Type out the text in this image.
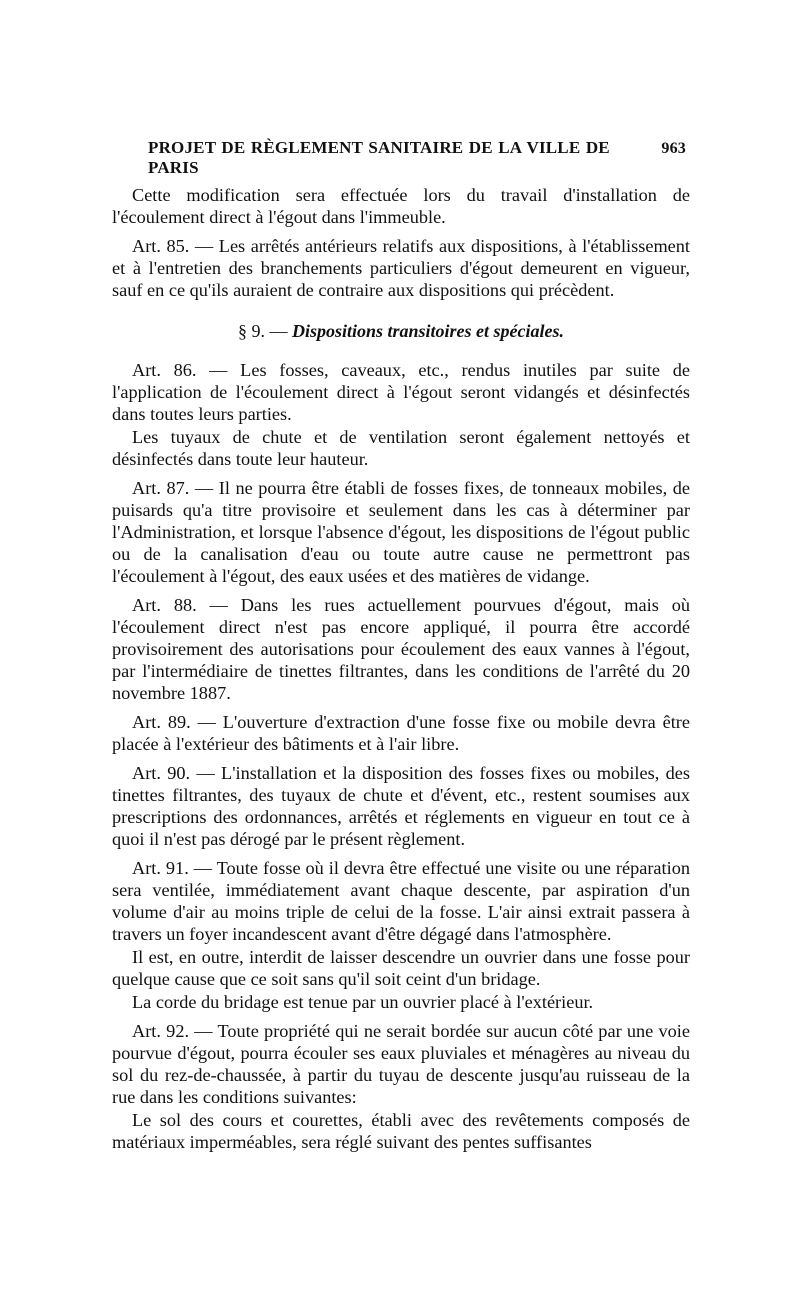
PROJET DE RÈGLEMENT SANITAIRE DE LA VILLE DE PARIS
963

Cette modification sera effectuée lors du travail d'installation de l'écoulement direct à l'égout dans l'immeuble.

Art. 85. — Les arrêtés antérieurs relatifs aux dispositions, à l'établissement et à l'entretien des branchements particuliers d'égout demeurent en vigueur, sauf en ce qu'ils auraient de contraire aux dispositions qui précèdent.

§ 9. — Dispositions transitoires et spéciales.

Art. 86. — Les fosses, caveaux, etc., rendus inutiles par suite de l'application de l'écoulement direct à l'égout seront vidangés et désinfectés dans toutes leurs parties.

Les tuyaux de chute et de ventilation seront également nettoyés et désinfectés dans toute leur hauteur.

Art. 87. — Il ne pourra être établi de fosses fixes, de tonneaux mobiles, de puisards qu'a titre provisoire et seulement dans les cas à déterminer par l'Administration, et lorsque l'absence d'égout, les dispositions de l'égout public ou de la canalisation d'eau ou toute autre cause ne permettront pas l'écoulement à l'égout, des eaux usées et des matières de vidange.

Art. 88. — Dans les rues actuellement pourvues d'égout, mais où l'écoulement direct n'est pas encore appliqué, il pourra être accordé provisoirement des autorisations pour écoulement des eaux vannes à l'égout, par l'intermédiaire de tinettes filtrantes, dans les conditions de l'arrêté du 20 novembre 1887.

Art. 89. — L'ouverture d'extraction d'une fosse fixe ou mobile devra être placée à l'extérieur des bâtiments et à l'air libre.

Art. 90. — L'installation et la disposition des fosses fixes ou mobiles, des tinettes filtrantes, des tuyaux de chute et d'évent, etc., restent soumises aux prescriptions des ordonnances, arrêtés et réglements en vigueur en tout ce à quoi il n'est pas dérogé par le présent règlement.

Art. 91. — Toute fosse où il devra être effectué une visite ou une réparation sera ventilée, immédiatement avant chaque descente, par aspiration d'un volume d'air au moins triple de celui de la fosse. L'air ainsi extrait passera à travers un foyer incandescent avant d'être dégagé dans l'atmosphère.

Il est, en outre, interdit de laisser descendre un ouvrier dans une fosse pour quelque cause que ce soit sans qu'il soit ceint d'un bridage.

La corde du bridage est tenue par un ouvrier placé à l'extérieur.

Art. 92. — Toute propriété qui ne serait bordée sur aucun côté par une voie pourvue d'égout, pourra écouler ses eaux pluviales et ménagères au niveau du sol du rez-de-chaussée, à partir du tuyau de descente jusqu'au ruisseau de la rue dans les conditions suivantes:

Le sol des cours et courettes, établi avec des revêtements composés de matériaux imperméables, sera réglé suivant des pentes suffisantes
